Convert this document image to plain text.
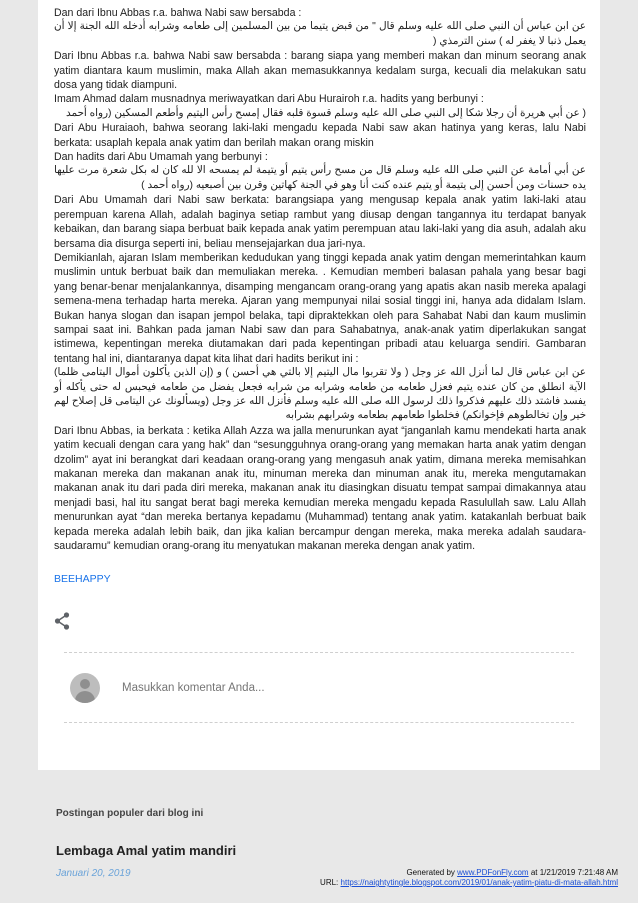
Dan dari Ibnu Abbas r.a. bahwa Nabi saw bersabda :

عن ابن عباس أن النبي صلى الله عليه وسلم قال " من قبض يتيما من بين المسلمين إلى طعامه وشرابه أدخله الله الجنة إلا أن يعمل ذنبا لا يغفر له ) سنن الترمذي (

Dari Ibnu Abbas r.a. bahwa Nabi saw bersabda : barang siapa yang memberi makan dan minum seorang anak yatim diantara kaum muslimin, maka Allah akan memasukkannya kedalam surga, kecuali dia melakukan satu dosa yang tidak diampuni.

Imam Ahmad dalam musnadnya meriwayatkan dari Abu Hurairoh r.a. hadits yang berbunyi :

( عن أبي هريرة أن رجلا شكا إلى النبي صلى الله عليه وسلم قسوة قلبه فقال إمسح رأس اليتيم وأطعم المسكين (رواه أحمد

Dari Abu Huraiaoh, bahwa seorang laki-laki mengadu kepada Nabi saw akan hatinya yang keras, lalu Nabi berkata: usaplah kepala anak yatim dan berilah makan orang miskin

Dan hadits dari Abu Umamah yang berbunyi :

عن أبي أمامة عن النبي صلى الله عليه وسلم قال من مسح رأس يتيم أو يتيمة لم يمسحه الا لله كان له بكل شعرة مرت عليها يده حسنات ومن أحسن إلى يتيمة أو يتيم عنده كنت أنا وهو في الجنة كهاتين وقرن بين أصبعيه (رواه أحمد )

Dari Abu Umamah dari Nabi saw berkata: barangsiapa yang mengusap kepala anak yatim laki-laki atau perempuan karena Allah, adalah baginya setiap rambut yang diusap dengan tangannya itu terdapat banyak kebaikan, dan barang siapa berbuat baik kepada anak yatim perempuan atau laki-laki yang dia asuh, adalah aku bersama dia disurga seperti ini, beliau mensejajarkan dua jari-nya.

Demikianlah, ajaran Islam memberikan kedudukan yang tinggi kepada anak yatim dengan memerintahkan kaum muslimin untuk berbuat baik dan memuliakan mereka. . Kemudian memberi balasan pahala yang besar bagi yang benar-benar menjalankannya, disamping mengancam orang-orang yang apatis akan nasib mereka apalagi semena-mena terhadap harta mereka. Ajaran yang mempunyai nilai sosial tinggi ini, hanya ada didalam Islam. Bukan hanya slogan dan isapan jempol belaka, tapi dipraktekkan oleh para Sahabat Nabi dan kaum muslimin sampai saat ini. Bahkan pada jaman Nabi saw dan para Sahabatnya, anak-anak yatim diperlakukan sangat istimewa, kepentingan mereka diutamakan dari pada kepentingan pribadi atau keluarga sendiri. Gambaran tentang hal ini, diantaranya dapat kita lihat dari hadits berikut ini :

عن ابن عباس قال لما أنزل الله عز وجل ( ولا تقربوا مال اليتيم إلا بالتي هي أحسن ) و (إن الذين يأكلون أموال اليتامى ظلما) الآية انطلق من كان عنده يتيم فعزل طعامه من طعامه وشرابه من شرابه فجعل يفضل من طعامه فيحبس له حتى يأكله أو يفسد فاشتد ذلك عليهم فذكروا ذلك لرسول الله صلى الله عليه وسلم فأنزل الله عز وجل (ويسألونك عن اليتامى قل إصلاح لهم خير وإن تخالطوهم فإخوانكم) فخلطوا طعامهم بطعامه وشرابهم بشرابه

Dari Ibnu Abbas, ia berkata : ketika Allah Azza wa jalla menurunkan ayat “janganlah kamu mendekati harta anak yatim kecuali dengan cara yang hak” dan “sesungguhnya orang-orang yang memakan harta anak yatim dengan dzolim” ayat ini berangkat dari keadaan orang-orang yang mengasuh anak yatim, dimana mereka memisahkan makanan mereka dan makanan anak itu, minuman mereka dan minuman anak itu, mereka mengutamakan makanan anak itu dari pada diri mereka, makanan anak itu diasingkan disuatu tempat sampai dimakannya atau menjadi basi, hal itu sangat berat bagi mereka kemudian mereka mengadu kepada Rasulullah saw. Lalu Allah menurunkan ayat “dan mereka bertanya kepadamu (Muhammad) tentang anak yatim. katakanlah berbuat baik kepada mereka adalah lebih baik, dan jika kalian bercampur dengan mereka, maka mereka adalah saudara-saudaramu” kemudian orang-orang itu menyatukan makanan mereka dengan anak yatim.

BEEHAPPY
Masukkan komentar Anda...
Postingan populer dari blog ini
Lembaga Amal yatim mandiri
Januari 20, 2019	Generated by www.PDFonFly.com at 1/21/2019 7:21:48 AM
URL: https://naightytingle.blogspot.com/2019/01/anak-yatim-piatu-di-mata-allah.html
